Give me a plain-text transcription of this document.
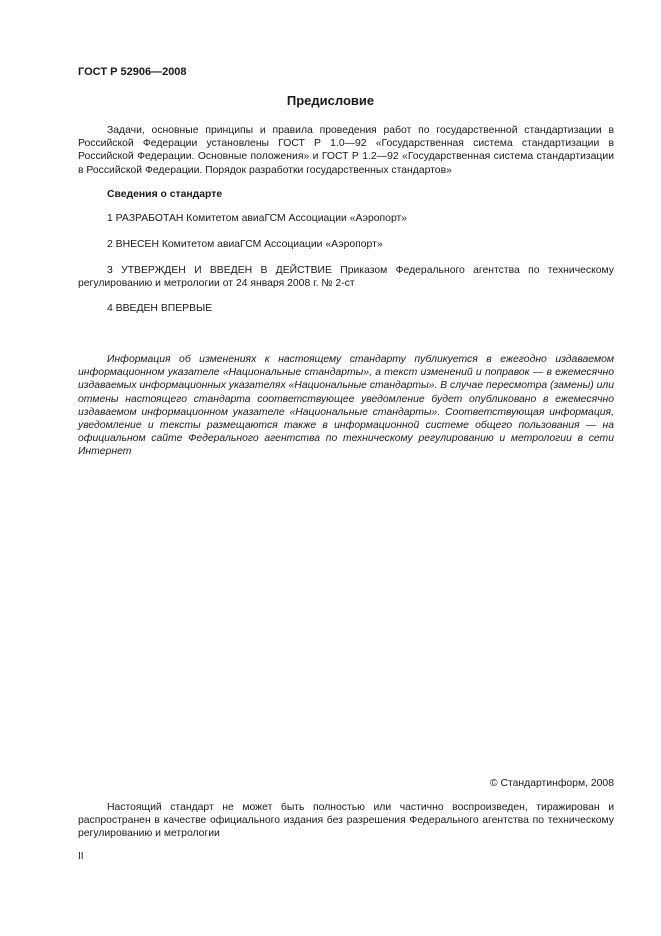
ГОСТ Р 52906—2008
Предисловие
Задачи, основные принципы и правила проведения работ по государственной стандартизации в Российской Федерации установлены ГОСТ Р 1.0—92 «Государственная система стандартизации в Российской Федерации. Основные положения» и ГОСТ Р 1.2—92 «Государственная система стандартизации в Российской Федерации. Порядок разработки государственных стандартов»
Сведения о стандарте
1 РАЗРАБОТАН Комитетом авиаГСМ Ассоциации «Аэропорт»
2 ВНЕСЕН Комитетом авиаГСМ Ассоциации «Аэропорт»
3 УТВЕРЖДЕН И ВВЕДЕН В ДЕЙСТВИЕ Приказом Федерального агентства по техническому регулированию и метрологии от 24 января 2008 г. № 2-ст
4 ВВЕДЕН ВПЕРВЫЕ
Информация об изменениях к настоящему стандарту публикуется в ежегодно издаваемом информационном указателе «Национальные стандарты», а текст изменений и поправок — в ежемесячно издаваемых информационных указателях «Национальные стандарты». В случае пересмотра (замены) или отмены настоящего стандарта соответствующее уведомление будет опубликовано в ежемесячно издаваемом информационном указателе «Национальные стандарты». Соответствующая информация, уведомление и тексты размещаются также в информационной системе общего пользования — на официальном сайте Федерального агентства по техническому регулированию и метрологии в сети Интернет
© Стандартинформ, 2008
Настоящий стандарт не может быть полностью или частично воспроизведен, тиражирован и распространен в качестве официального издания без разрешения Федерального агентства по техническому регулированию и метрологии
II
